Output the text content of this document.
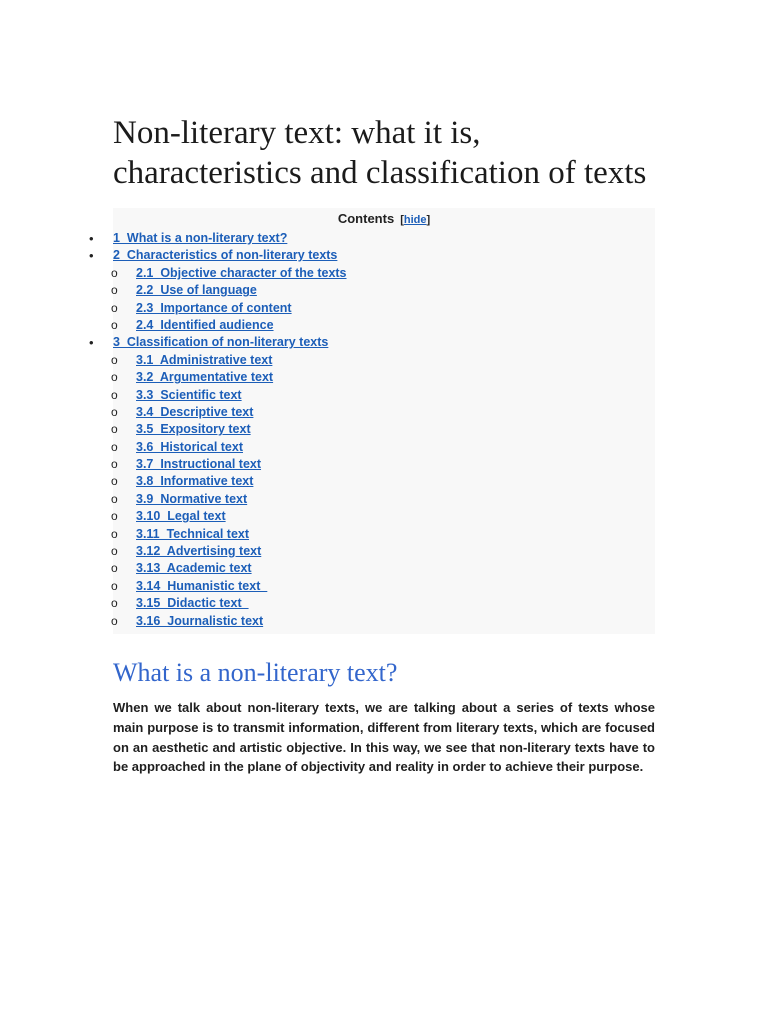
Non-literary text: what it is, characteristics and classification of texts
Contents [hide]
• 1  What is a non-literary text?
• 2  Characteristics of non-literary texts
o 2.1  Objective character of the texts
o 2.2  Use of language
o 2.3  Importance of content
o 2.4  Identified audience
• 3  Classification of non-literary texts
o 3.1  Administrative text
o 3.2  Argumentative text
o 3.3  Scientific text
o 3.4  Descriptive text
o 3.5  Expository text
o 3.6  Historical text
o 3.7  Instructional text
o 3.8  Informative text
o 3.9  Normative text
o 3.10  Legal text
o 3.11  Technical text
o 3.12  Advertising text
o 3.13  Academic text
o 3.14  Humanistic text
o 3.15  Didactic text
o 3.16  Journalistic text
What is a non-literary text?

When we talk about non-literary texts, we are talking about a series of texts whose main purpose is to transmit information, different from literary texts, which are focused on an aesthetic and artistic objective. In this way, we see that non-literary texts have to be approached in the plane of objectivity and reality in order to achieve their purpose.
